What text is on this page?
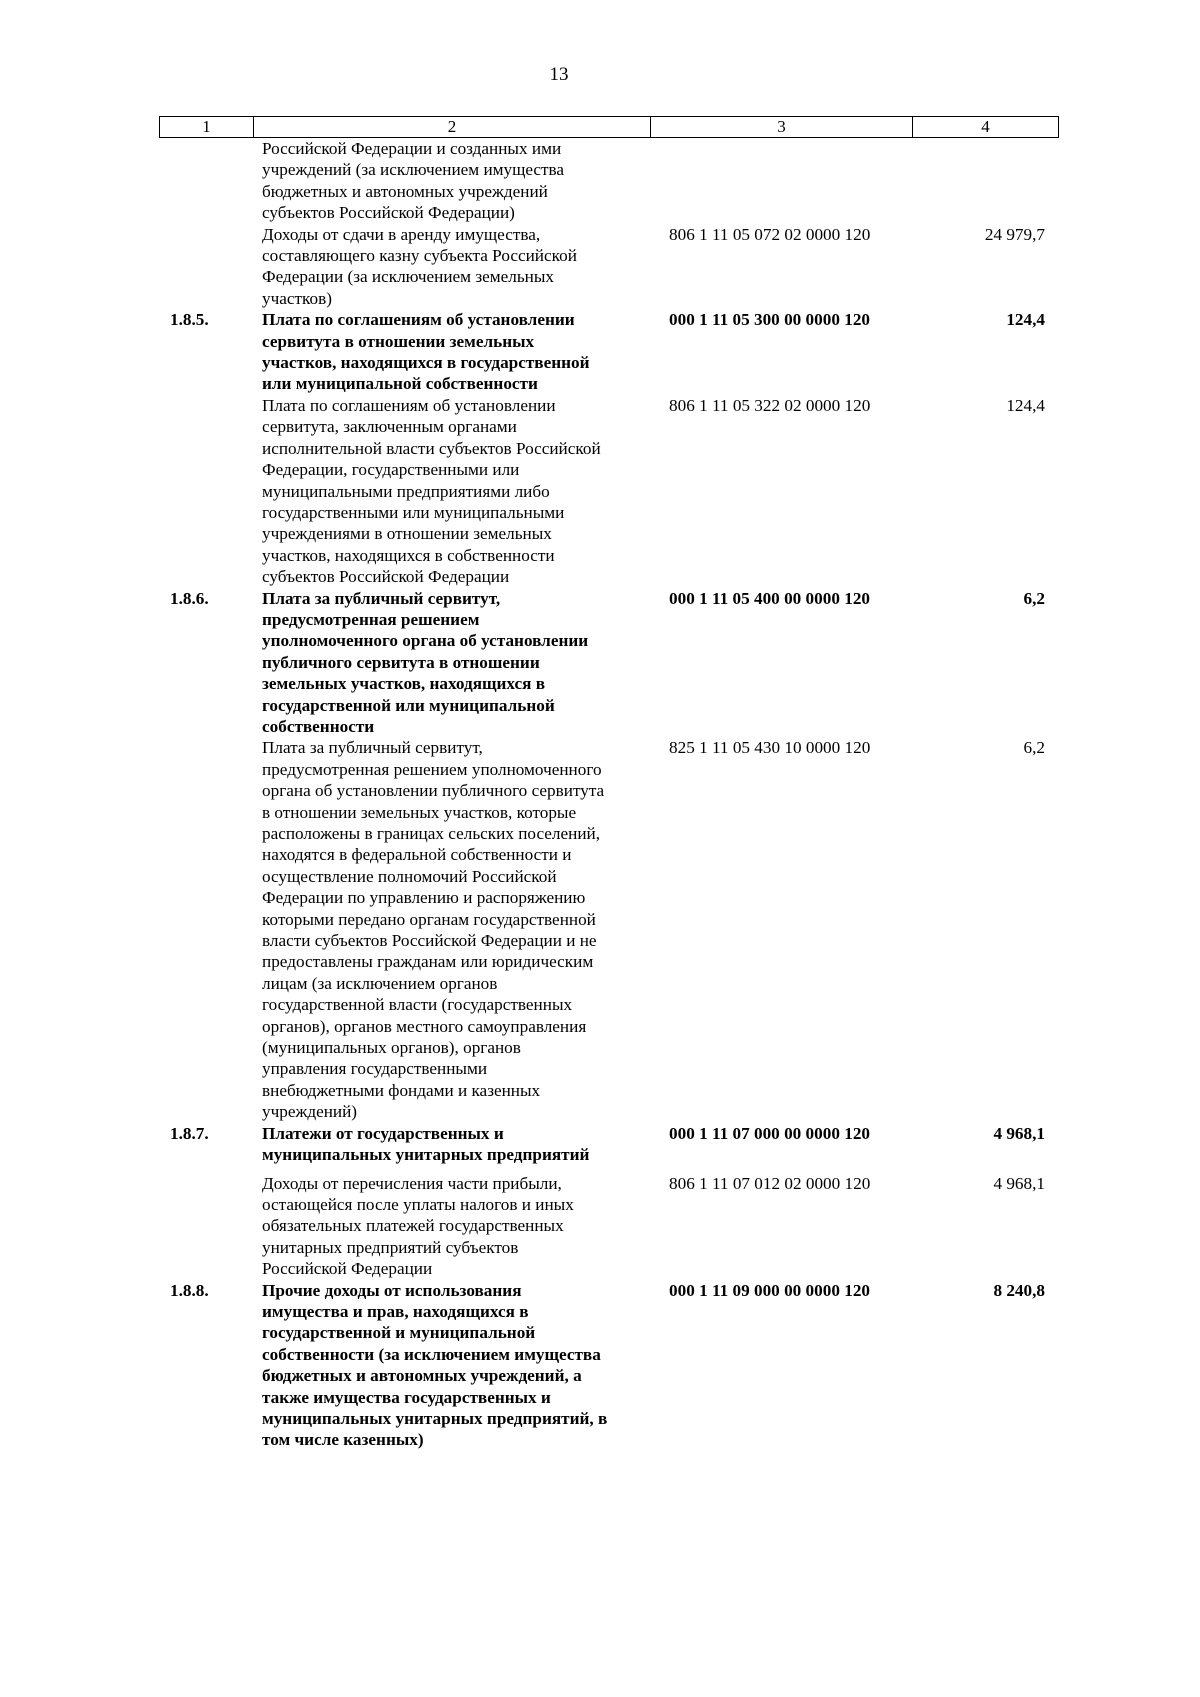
13
1	2	3	4
Российской Федерации и созданных ими
учреждений (за исключением имущества
бюджетных и автономных учреждений
субъектов Российской Федерации)
Доходы от сдачи в аренду имущества,
составляющего казну субъекта Российской
Федерации (за исключением земельных
участков)
806 1 11 05 072 02 0000 120	24 979,7
1.8.5.	Плата по соглашениям об установлении
сервитута в отношении земельных
участков, находящихся в государственной
или муниципальной собственности
000 1 11 05 300 00 0000 120	124,4
Плата по соглашениям об установлении
сервитута, заключенным органами
исполнительной власти субъектов Российской
Федерации, государственными или
муниципальными предприятиями либо
государственными или муниципальными
учреждениями в отношении земельных
участков, находящихся в собственности
субъектов Российской Федерации
806 1 11 05 322 02 0000 120	124,4
1.8.6.	Плата за публичный сервитут,
предусмотренная решением
уполномоченного органа об установлении
публичного сервитута в отношении
земельных участков, находящихся в
государственной или муниципальной
собственности
000 1 11 05 400 00 0000 120	6,2
Плата за публичный сервитут,
предусмотренная решением уполномоченного
органа об установлении публичного сервитута
в отношении земельных участков, которые
расположены в границах сельских поселений,
находятся в федеральной собственности и
осуществление полномочий Российской
Федерации по управлению и распоряжению
которыми передано органам государственной
власти субъектов Российской Федерации и не
предоставлены гражданам или юридическим
лицам (за исключением органов
государственной власти (государственных
органов), органов местного самоуправления
(муниципальных органов), органов
управления государственными
внебюджетными фондами и казенных
учреждений)
825 1 11 05 430 10 0000 120	6,2
1.8.7.	Платежи от государственных и
муниципальных унитарных предприятий
000 1 11 07 000 00 0000 120	4 968,1
Доходы от перечисления части прибыли,
остающейся после уплаты налогов и иных
обязательных платежей государственных
унитарных предприятий субъектов
Российской Федерации
806 1 11 07 012 02 0000 120	4 968,1
1.8.8.	Прочие доходы от использования
имущества и прав, находящихся в
государственной и муниципальной
собственности (за исключением имущества
бюджетных и автономных учреждений, а
также имущества государственных и
муниципальных унитарных предприятий, в
том числе казенных)
000 1 11 09 000 00 0000 120	8 240,8
